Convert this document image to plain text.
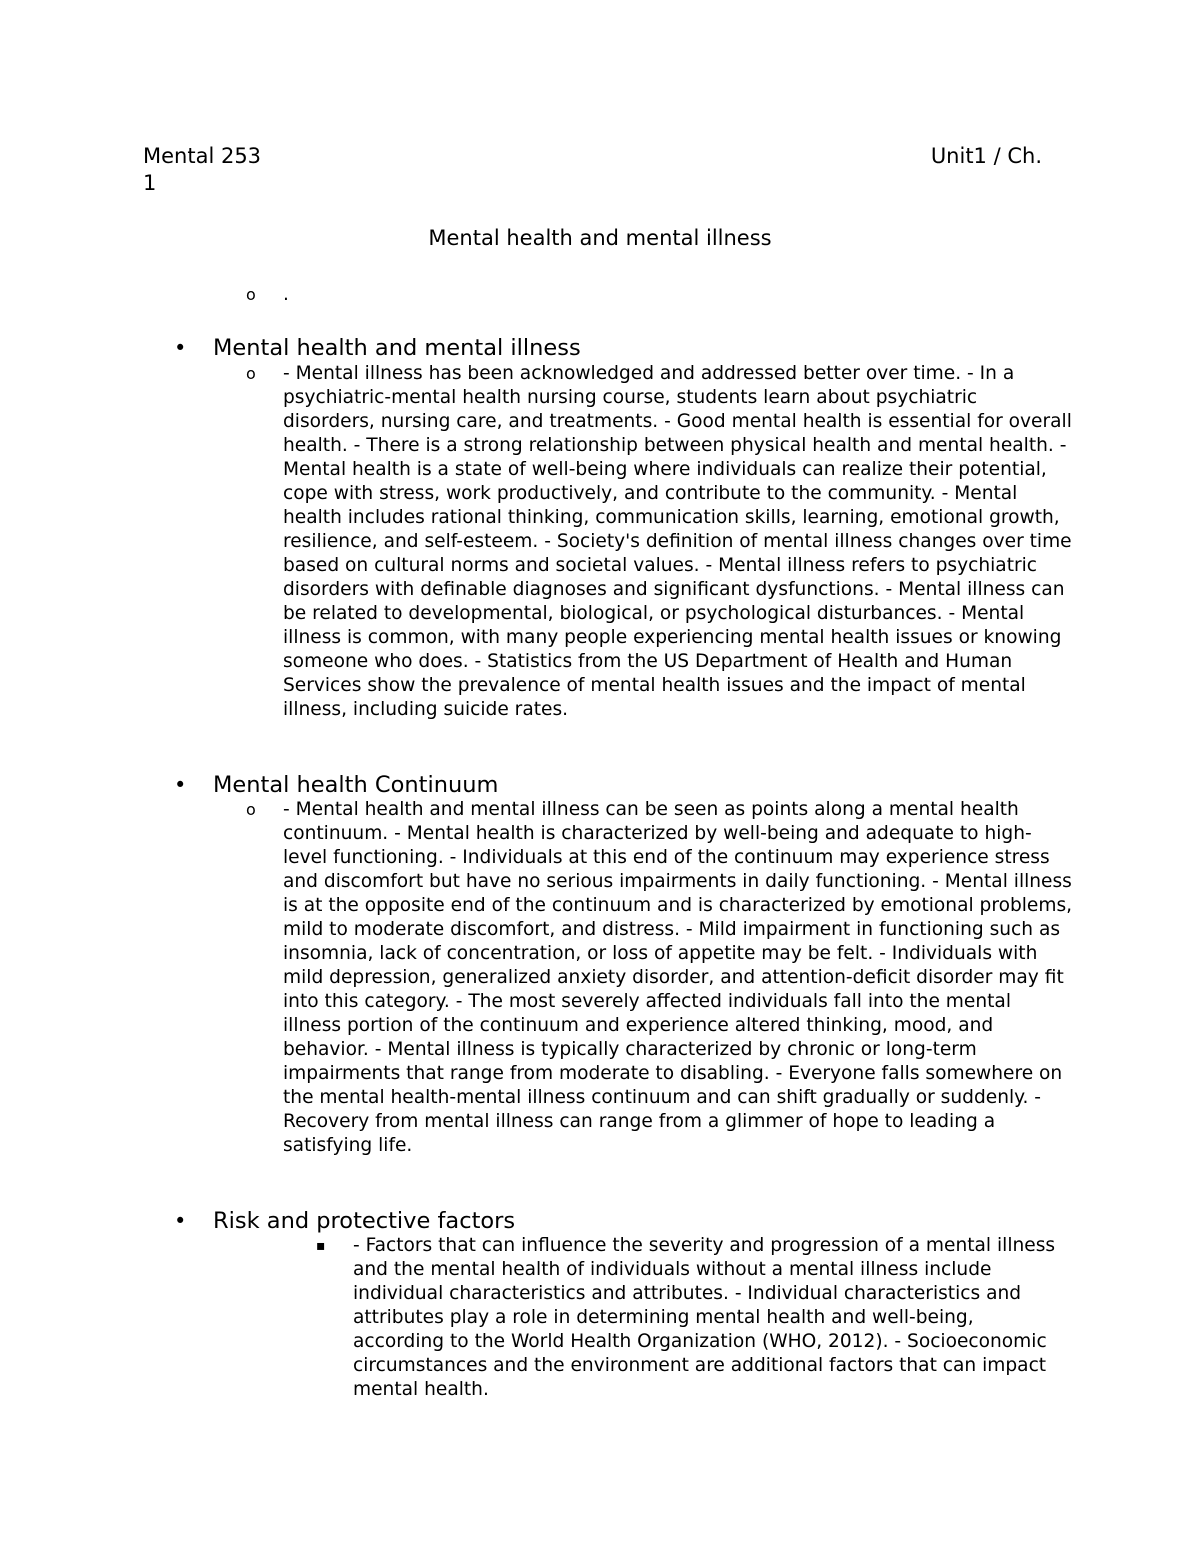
Mental 253	Unit1 / Ch.
1
Mental health and mental illness
o .
• Mental health and mental illness
o - Mental illness has been acknowledged and addressed better over time. - In a psychiatric-mental health nursing course, students learn about psychiatric disorders, nursing care, and treatments. - Good mental health is essential for overall health. - There is a strong relationship between physical health and mental health. - Mental health is a state of well-being where individuals can realize their potential, cope with stress, work productively, and contribute to the community. - Mental health includes rational thinking, communication skills, learning, emotional growth, resilience, and self-esteem. - Society's definition of mental illness changes over time based on cultural norms and societal values. - Mental illness refers to psychiatric disorders with definable diagnoses and significant dysfunctions. - Mental illness can be related to developmental, biological, or psychological disturbances. - Mental illness is common, with many people experiencing mental health issues or knowing someone who does. - Statistics from the US Department of Health and Human Services show the prevalence of mental health issues and the impact of mental illness, including suicide rates.

• Mental health Continuum
o - Mental health and mental illness can be seen as points along a mental health continuum. - Mental health is characterized by well-being and adequate to high-level functioning. - Individuals at this end of the continuum may experience stress and discomfort but have no serious impairments in daily functioning. - Mental illness is at the opposite end of the continuum and is characterized by emotional problems, mild to moderate discomfort, and distress. - Mild impairment in functioning such as insomnia, lack of concentration, or loss of appetite may be felt. - Individuals with mild depression, generalized anxiety disorder, and attention-deficit disorder may fit into this category. - The most severely affected individuals fall into the mental illness portion of the continuum and experience altered thinking, mood, and behavior. - Mental illness is typically characterized by chronic or long-term impairments that range from moderate to disabling. - Everyone falls somewhere on the mental health-mental illness continuum and can shift gradually or suddenly. - Recovery from mental illness can range from a glimmer of hope to leading a satisfying life.

• Risk and protective factors
▪ - Factors that can influence the severity and progression of a mental illness and the mental health of individuals without a mental illness include individual characteristics and attributes. - Individual characteristics and attributes play a role in determining mental health and well-being, according to the World Health Organization (WHO, 2012). - Socioeconomic circumstances and the environment are additional factors that can impact mental health.
